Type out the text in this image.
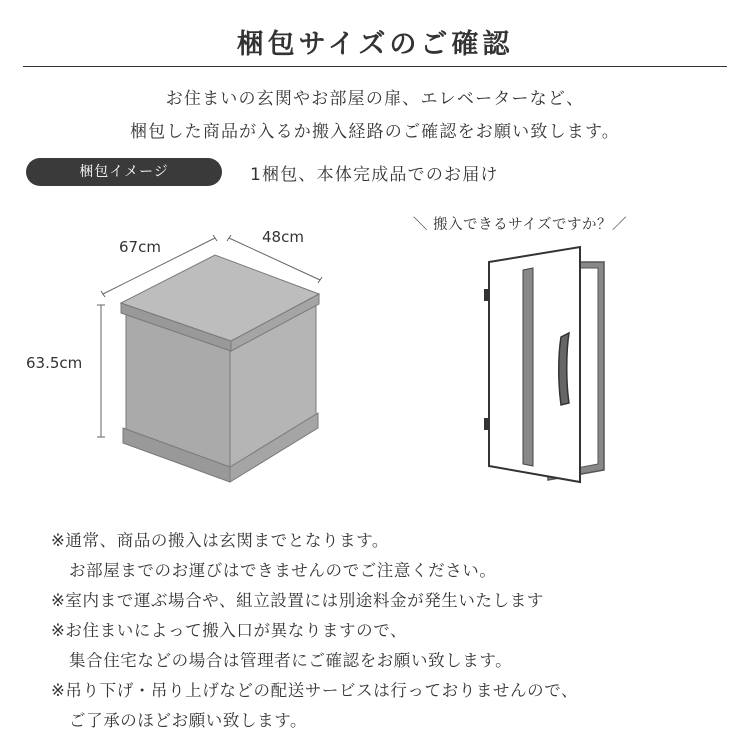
梱包サイズのご確認
お住まいの玄関やお部屋の扉、エレベーターなど、
梱包した商品が入るか搬入経路のご確認をお願い致します。
梱包イメージ	1梱包、本体完成品でのお届け
67cm
48cm
63.5cm
＼ 搬入できるサイズですか？／
※通常、商品の搬入は玄関までとなります。
お部屋までのお運びはできませんのでご注意ください。
※室内まで運ぶ場合や、組立設置には別途料金が発生いたします
※お住まいによって搬入口が異なりますので、
集合住宅などの場合は管理者にご確認をお願い致します。
※吊り下げ・吊り上げなどの配送サービスは行っておりませんので、
ご了承のほどお願い致します。
